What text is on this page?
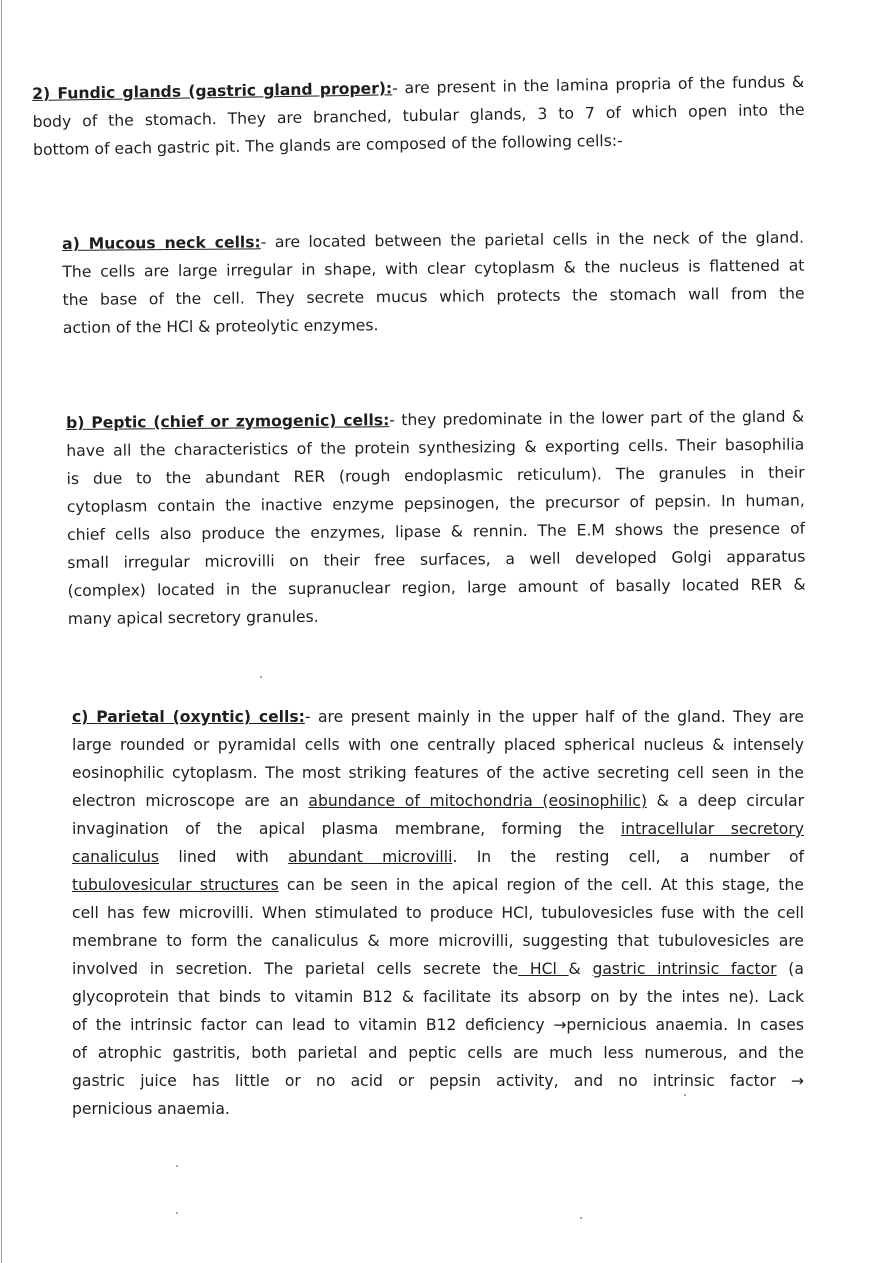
2) Fundic glands (gastric gland proper):- are present in the lamina propria of the fundus &
body of the stomach. They are branched, tubular glands, 3 to 7 of which open into the
bottom of each gastric pit. The glands are composed of the following cells:-

a) Mucous neck cells:- are located between the parietal cells in the neck of the gland.
The cells are large irregular in shape, with clear cytoplasm & the nucleus is flattened at
the base of the cell. They secrete mucus which protects the stomach wall from the
action of the HCl & proteolytic enzymes.

b) Peptic (chief or zymogenic) cells:- they predominate in the lower part of the gland &
have all the characteristics of the protein synthesizing & exporting cells. Their basophilia
is due to the abundant RER (rough endoplasmic reticulum). The granules in their
cytoplasm contain the inactive enzyme pepsinogen, the precursor of pepsin. In human,
chief cells also produce the enzymes, lipase & rennin. The E.M shows the presence of
small irregular microvilli on their free surfaces, a well developed Golgi apparatus
(complex) located in the supranuclear region, large amount of basally located RER &
many apical secretory granules.

c) Parietal (oxyntic) cells:- are present mainly in the upper half of the gland. They are
large rounded or pyramidal cells with one centrally placed spherical nucleus & intensely
eosinophilic cytoplasm. The most striking features of the active secreting cell seen in the
electron microscope are an abundance of mitochondria (eosinophilic) & a deep circular
invagination of the apical plasma membrane, forming the intracellular secretory
canaliculus lined with abundant microvilli. In the resting cell, a number of
tubulovesicular structures can be seen in the apical region of the cell. At this stage, the
cell has few microvilli. When stimulated to produce HCl, tubulovesicles fuse with the cell
membrane to form the canaliculus & more microvilli, suggesting that tubulovesicles are
involved in secretion. The parietal cells secrete the HCl & gastric intrinsic factor (a
glycoprotein that binds to vitamin B12 & facilitate its absorp on by the intes ne). Lack
of the intrinsic factor can lead to vitamin B12 deficiency →pernicious anaemia. In cases
of atrophic gastritis, both parietal and peptic cells are much less numerous, and the
gastric juice has little or no acid or pepsin activity, and no intrinsic factor →
pernicious anaemia.
